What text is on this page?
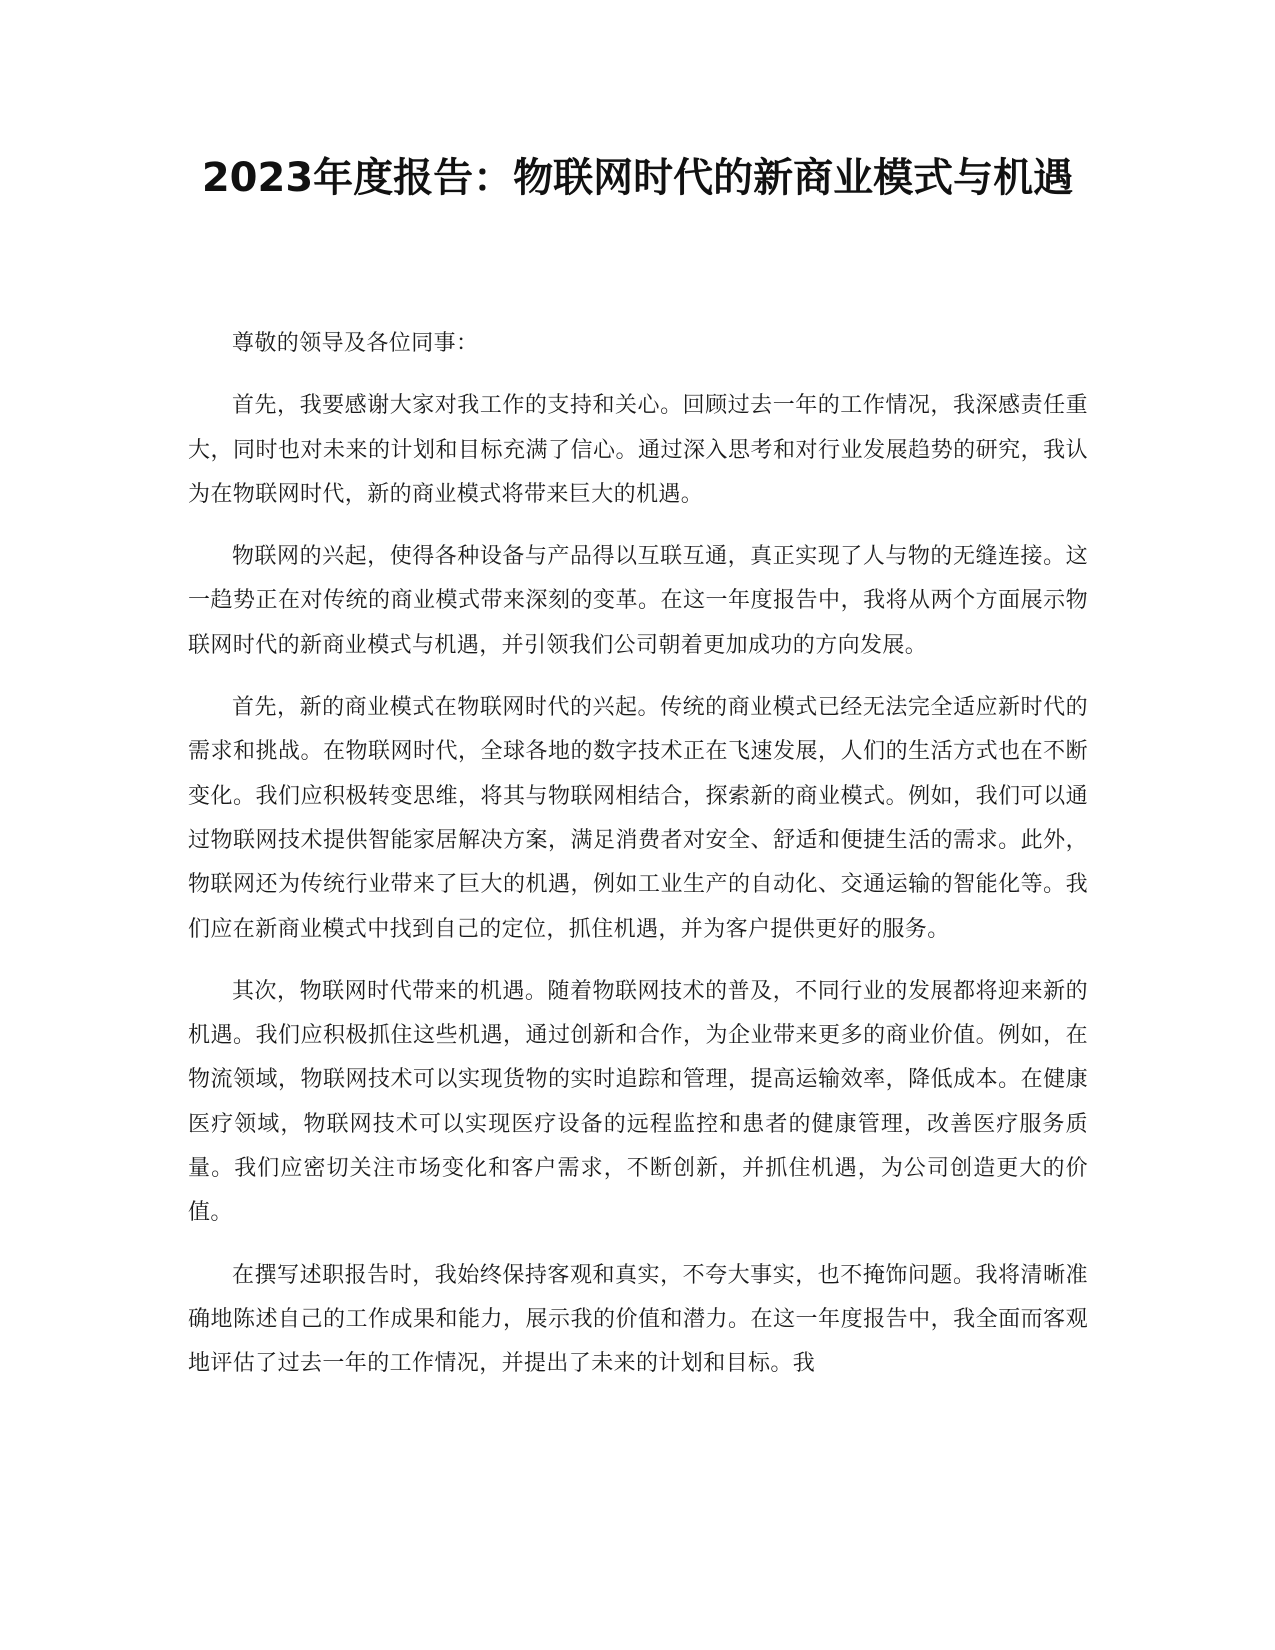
2023年度报告：物联网时代的新商业模式与机遇

尊敬的领导及各位同事：

首先，我要感谢大家对我工作的支持和关心。回顾过去一年的工作情况，我深感责任重大，同时也对未来的计划和目标充满了信心。通过深入思考和对行业发展趋势的研究，我认为在物联网时代，新的商业模式将带来巨大的机遇。

物联网的兴起，使得各种设备与产品得以互联互通，真正实现了人与物的无缝连接。这一趋势正在对传统的商业模式带来深刻的变革。在这一年度报告中，我将从两个方面展示物联网时代的新商业模式与机遇，并引领我们公司朝着更加成功的方向发展。

首先，新的商业模式在物联网时代的兴起。传统的商业模式已经无法完全适应新时代的需求和挑战。在物联网时代，全球各地的数字技术正在飞速发展，人们的生活方式也在不断变化。我们应积极转变思维，将其与物联网相结合，探索新的商业模式。例如，我们可以通过物联网技术提供智能家居解决方案，满足消费者对安全、舒适和便捷生活的需求。此外，物联网还为传统行业带来了巨大的机遇，例如工业生产的自动化、交通运输的智能化等。我们应在新商业模式中找到自己的定位，抓住机遇，并为客户提供更好的服务。

其次，物联网时代带来的机遇。随着物联网技术的普及，不同行业的发展都将迎来新的机遇。我们应积极抓住这些机遇，通过创新和合作，为企业带来更多的商业价值。例如，在物流领域，物联网技术可以实现货物的实时追踪和管理，提高运输效率，降低成本。在健康医疗领域，物联网技术可以实现医疗设备的远程监控和患者的健康管理，改善医疗服务质量。我们应密切关注市场变化和客户需求，不断创新，并抓住机遇，为公司创造更大的价值。

在撰写述职报告时，我始终保持客观和真实，不夸大事实，也不掩饰问题。我将清晰准确地陈述自己的工作成果和能力，展示我的价值和潜力。在这一年度报告中，我全面而客观地评估了过去一年的工作情况，并提出了未来的计划和目标。我
